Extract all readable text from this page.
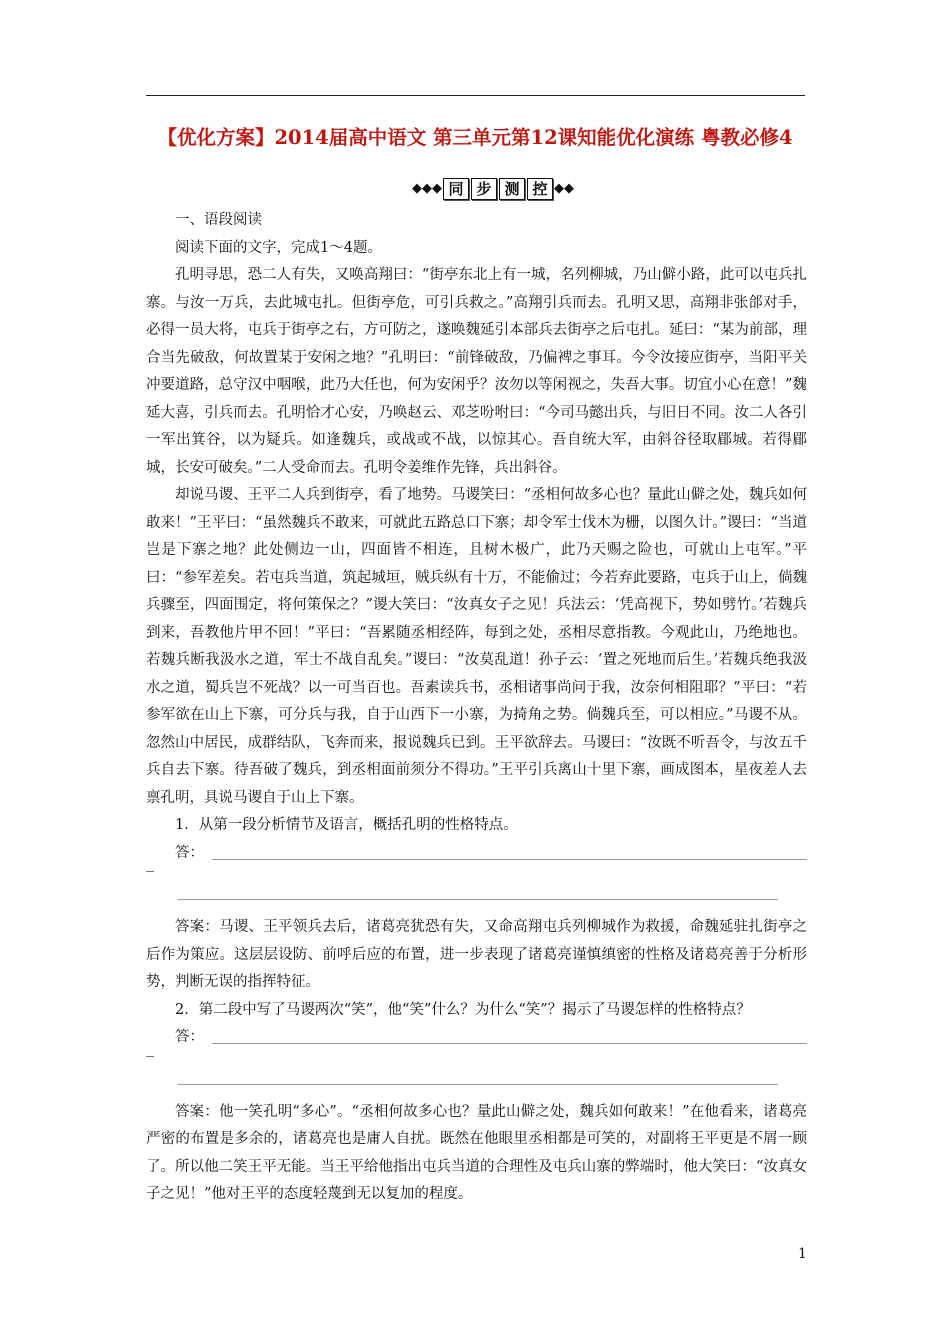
【优化方案】2014届高中语文 第三单元第12课知能优化演练 粤教必修4
◆◆◆ 同 步 测 控 ◆◆

一、语段阅读

阅读下面的文字，完成1～4题。

孔明寻思，恐二人有失，又唤高翔曰：“街亭东北上有一城，名列柳城，乃山僻小路，此可以屯兵扎寨。与汝一万兵，去此城屯扎。但街亭危，可引兵救之。”高翔引兵而去。孔明又思，高翔非张郃对手，必得一员大将，屯兵于街亭之右，方可防之，遂唤魏延引本部兵去街亭之后屯扎。延曰：“某为前部，理合当先破敌，何故置某于安闲之地？”孔明曰：“前锋破敌，乃偏裨之事耳。今令汝接应街亭，当阳平关冲要道路，总守汉中咽喉，此乃大任也，何为安闲乎？汝勿以等闲视之，失吾大事。切宜小心在意！”魏延大喜，引兵而去。孔明恰才心安，乃唤赵云、邓芝吩咐曰：“今司马懿出兵，与旧日不同。汝二人各引一军出箕谷，以为疑兵。如逢魏兵，或战或不战，以惊其心。吾自统大军，由斜谷径取郿城。若得郿城，长安可破矣。”二人受命而去。孔明令姜维作先锋，兵出斜谷。

却说马谡、王平二人兵到街亭，看了地势。马谡笑曰：“丞相何故多心也？量此山僻之处，魏兵如何敢来！”王平曰：“虽然魏兵不敢来，可就此五路总口下寨；却令军士伐木为栅，以图久计。”谡曰：“当道岂是下寨之地？此处侧边一山，四面皆不相连，且树木极广，此乃天赐之险也，可就山上屯军。”平曰：“参军差矣。若屯兵当道，筑起城垣，贼兵纵有十万，不能偷过；今若弃此要路，屯兵于山上，倘魏兵骤至，四面围定，将何策保之？”谡大笑曰：“汝真女子之见！兵法云：‘凭高视下，势如劈竹。’若魏兵到来，吾教他片甲不回！”平曰：“吾累随丞相经阵，每到之处，丞相尽意指教。今观此山，乃绝地也。若魏兵断我汲水之道，军士不战自乱矣。”谡曰：“汝莫乱道！孙子云：‘置之死地而后生。’若魏兵绝我汲水之道，蜀兵岂不死战？以一可当百也。吾素读兵书，丞相诸事尚问于我，汝奈何相阻耶？”平曰：“若参军欲在山上下寨，可分兵与我，自于山西下一小寨，为掎角之势。倘魏兵至，可以相应。”马谡不从。忽然山中居民，成群结队，飞奔而来，报说魏兵已到。王平欲辞去。马谡曰：“汝既不听吾令，与汝五千兵自去下寨。待吾破了魏兵，到丞相面前须分不得功。”王平引兵离山十里下寨，画成图本，星夜差人去禀孔明，具说马谡自于山上下寨。

1．从第一段分析情节及语言，概括孔明的性格特点。

答：

答案：马谡、王平领兵去后，诸葛亮犹恐有失，又命高翔屯兵列柳城作为救援，命魏延驻扎街亭之后作为策应。这层层设防、前呼后应的布置，进一步表现了诸葛亮谨慎缜密的性格及诸葛亮善于分析形势，判断无误的指挥特征。

2．第二段中写了马谡两次“笑”，他“笑”什么？为什么“笑”？揭示了马谡怎样的性格特点？

答：

答案：他一笑孔明“多心”。“丞相何故多心也？量此山僻之处，魏兵如何敢来！”在他看来，诸葛亮严密的布置是多余的，诸葛亮也是庸人自扰。既然在他眼里丞相都是可笑的，对副将王平更是不屑一顾了。所以他二笑王平无能。当王平给他指出屯兵当道的合理性及屯兵山寨的弊端时，他大笑曰：“汝真女子之见！”他对王平的态度轻蔑到无以复加的程度。

1
